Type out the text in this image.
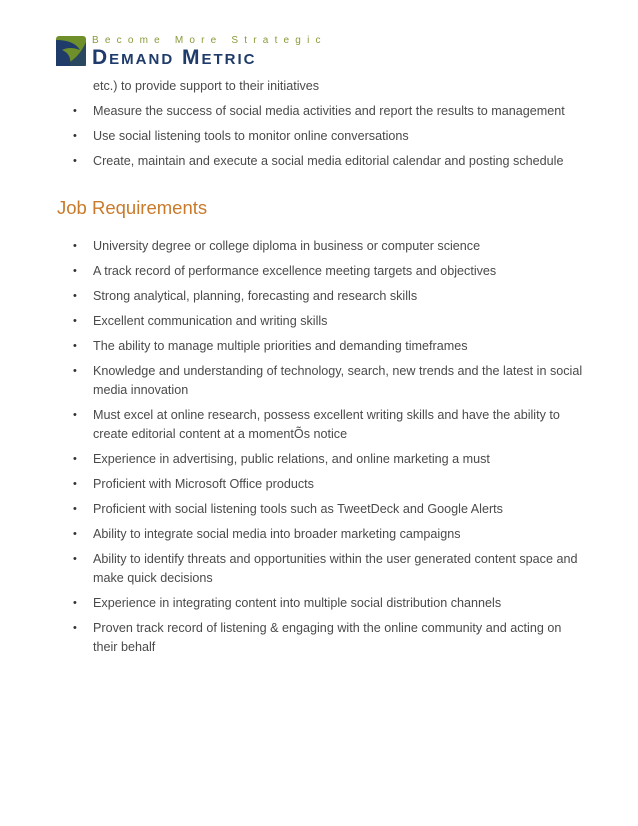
Become More Strategic
Demand Metric
etc.) to provide support to their initiatives
• Measure the success of social media activities and report the results to management
• Use social listening tools to monitor online conversations
• Create, maintain and execute a social media editorial calendar and posting schedule
Job Requirements
• University degree or college diploma in business or computer science
• A track record of performance excellence meeting targets and objectives
• Strong analytical, planning, forecasting and research skills
• Excellent communication and writing skills
• The ability to manage multiple priorities and demanding timeframes
• Knowledge and understanding of technology, search, new trends and the latest in social media innovation
• Must excel at online research, possess excellent writing skills and have the ability to create editorial content at a momentÕs notice
• Experience in advertising, public relations, and online marketing a must
• Proficient with Microsoft Office products
• Proficient with social listening tools such as TweetDeck and Google Alerts
• Ability to integrate social media into broader marketing campaigns
• Ability to identify threats and opportunities within the user generated content space and make quick decisions
• Experience in integrating content into multiple social distribution channels
• Proven track record of listening & engaging with the online community and acting on their behalf
